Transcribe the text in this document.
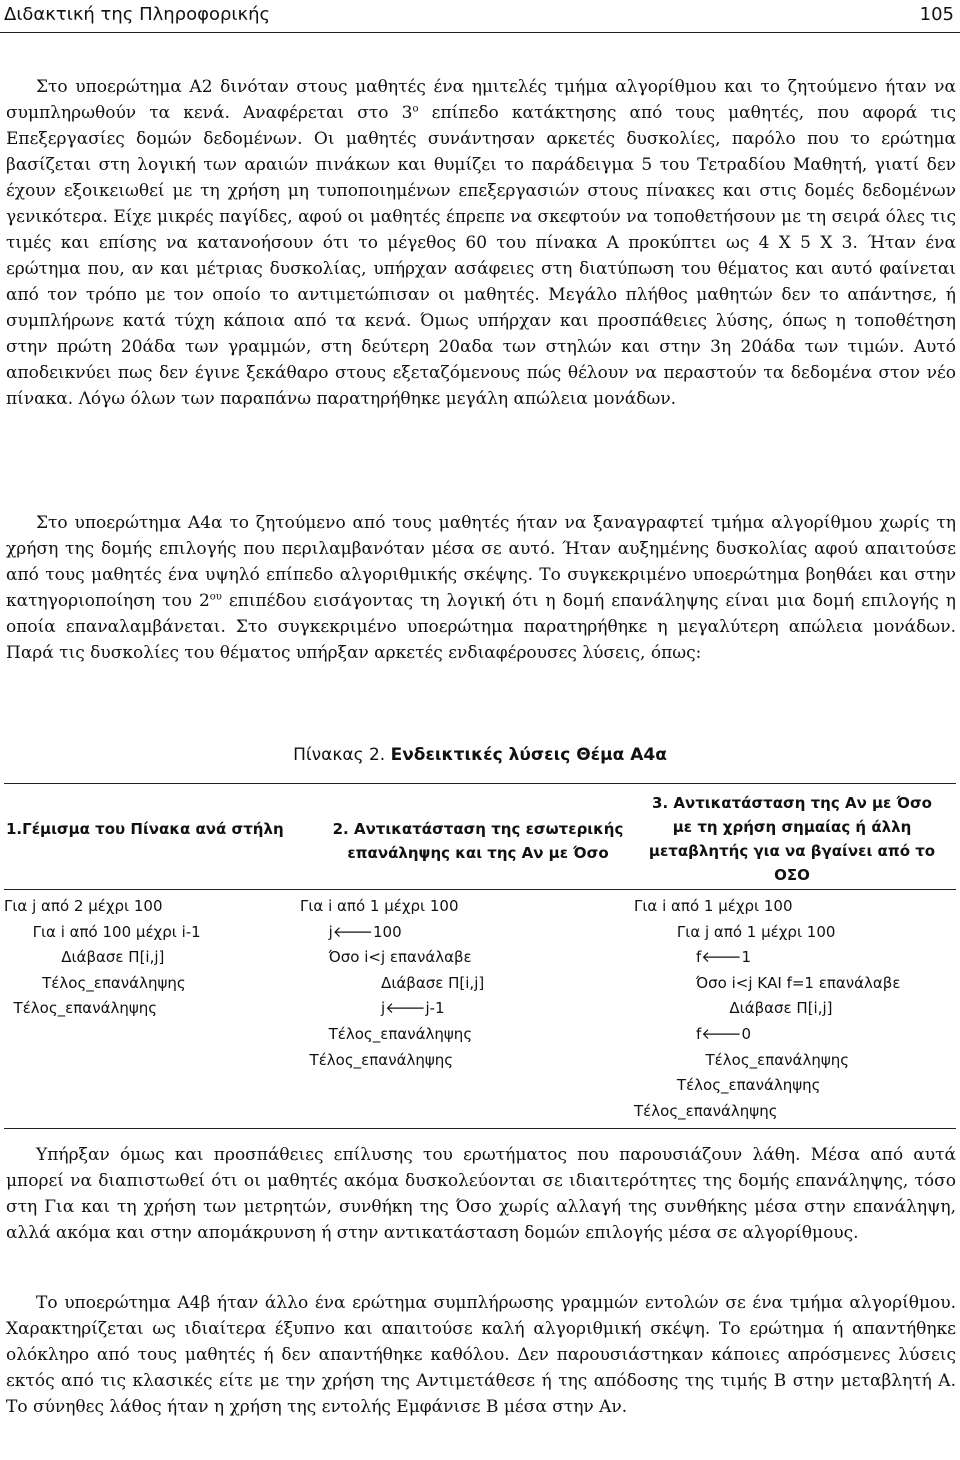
Διδακτική της Πληροφορικής	105

Στο υποερώτημα Α2 δινόταν στους μαθητές ένα ημιτελές τμήμα αλγορίθμου και το ζητούμενο ήταν να συμπληρωθούν τα κενά. Αναφέρεται στο $3^o$ επίπεδο κατάκτησης από τους μαθητές, που αφορά τις Επεξεργασίες δομών δεδομένων. Οι μαθητές συνάντησαν αρκετές δυσκολίες, παρόλο που το ερώτημα βασίζεται στη λογική των αραιών πινάκων και θυμίζει το παράδειγμα 5 του Τετραδίου Μαθητή, γιατί δεν έχουν εξοικειωθεί με τη χρήση μη τυποποιημένων επεξεργασιών στους πίνακες και στις δομές δεδομένων γενικότερα. Είχε μικρές παγίδες, αφού οι μαθητές έπρεπε να σκεφτούν να τοποθετήσουν με τη σειρά όλες τις τιμές και επίσης να κατανοήσουν ότι το μέγεθος 60 του πίνακα Α προκύπτει ως 4 Χ 5 Χ 3. Ήταν ένα ερώτημα που, αν και μέτριας δυσκολίας, υπήρχαν ασάφειες στη διατύπωση του θέματος και αυτό φαίνεται από τον τρόπο με τον οποίο το αντιμετώπισαν οι μαθητές. Μεγάλο πλήθος μαθητών δεν το απάντησε, ή συμπλήρωνε κατά τύχη κάποια από τα κενά. Όμως υπήρχαν και προσπάθειες λύσης, όπως η τοποθέτηση στην πρώτη 20άδα των γραμμών, στη δεύτερη 20αδα των στηλών και στην 3η 20άδα των τιμών. Αυτό αποδεικνύει πως δεν έγινε ξεκάθαρο στους εξεταζόμενους πώς θέλουν να περαστούν τα δεδομένα στον νέο πίνακα. Λόγω όλων των παραπάνω παρατηρήθηκε μεγάλη απώλεια μονάδων.

Στο υποερώτημα Α4α το ζητούμενο από τους μαθητές ήταν να ξαναγραφτεί τμήμα αλγορίθμου χωρίς τη χρήση της δομής επιλογής που περιλαμβανόταν μέσα σε αυτό. Ήταν αυξημένης δυσκολίας αφού απαιτούσε από τους μαθητές ένα υψηλό επίπεδο αλγοριθμικής σκέψης. Το συγκεκριμένο υποερώτημα βοηθάει και στην κατηγοριοποίηση του $2^{o\upsilon}$ επιπέδου εισάγοντας τη λογική ότι η δομή επανάληψης είναι μια δομή επιλογής η οποία επαναλαμβάνεται. Στο συγκεκριμένο υποερώτημα παρατηρήθηκε η μεγαλύτερη απώλεια μονάδων. Παρά τις δυσκολίες του θέματος υπήρξαν αρκετές ενδιαφέρουσες λύσεις, όπως:

Πίνακας 2. Ενδεικτικές λύσεις Θέμα Α4α
1.Γέμισμα του Πίνακα ανά στήλη	2. Αντικατάσταση της εσωτερικής επανάληψης και της Αν με Όσο
3. Αντικατάσταση της Αν με Όσο με τη χρήση σημαίας ή άλλη μεταβλητής για να βγαίνει από το ΟΣΟ
Για j από 2 μέχρι 100
Για i από 100 μέχρι i-1
Διάβασε Π[i,j]
Τέλος_επανάληψης
Τέλος_επανάληψης
Για i από 1 μέχρι 100
j🡐100
Όσο i<j επανάλαβε
Διάβασε Π[i,j]
j🡐j-1
Τέλος_επανάληψης
Τέλος_επανάληψης
Για i από 1 μέχρι 100
Για j από 1 μέχρι 100
f🡐1
Όσο i<j ΚΑΙ f=1 επανάλαβε
Διάβασε Π[i,j]
f🡐0
Τέλος_επανάληψης
Τέλος_επανάληψης
Τέλος_επανάληψης

Υπήρξαν όμως και προσπάθειες επίλυσης του ερωτήματος που παρουσιάζουν λάθη. Μέσα από αυτά μπορεί να διαπιστωθεί ότι οι μαθητές ακόμα δυσκολεύονται σε ιδιαιτερότητες της δομής επανάληψης, τόσο στη Για και τη χρήση των μετρητών, συνθήκη της Όσο χωρίς αλλαγή της συνθήκης μέσα στην επανάληψη, αλλά ακόμα και στην απομάκρυνση ή στην αντικατάσταση δομών επιλογής μέσα σε αλγορίθμους.

Το υποερώτημα Α4β ήταν άλλο ένα ερώτημα συμπλήρωσης γραμμών εντολών σε ένα τμήμα αλγορίθμου. Χαρακτηρίζεται ως ιδιαίτερα έξυπνο και απαιτούσε καλή αλγοριθμική σκέψη. Το ερώτημα ή απαντήθηκε ολόκληρο από τους μαθητές ή δεν απαντήθηκε καθόλου. Δεν παρουσιάστηκαν κάποιες απρόσμενες λύσεις εκτός από τις κλασικές είτε με την χρήση της Αντιμετάθεσε ή της απόδοσης της τιμής Β στην μεταβλητή Α. Το σύνηθες λάθος ήταν η χρήση της εντολής Εμφάνισε Β μέσα στην Αν.
